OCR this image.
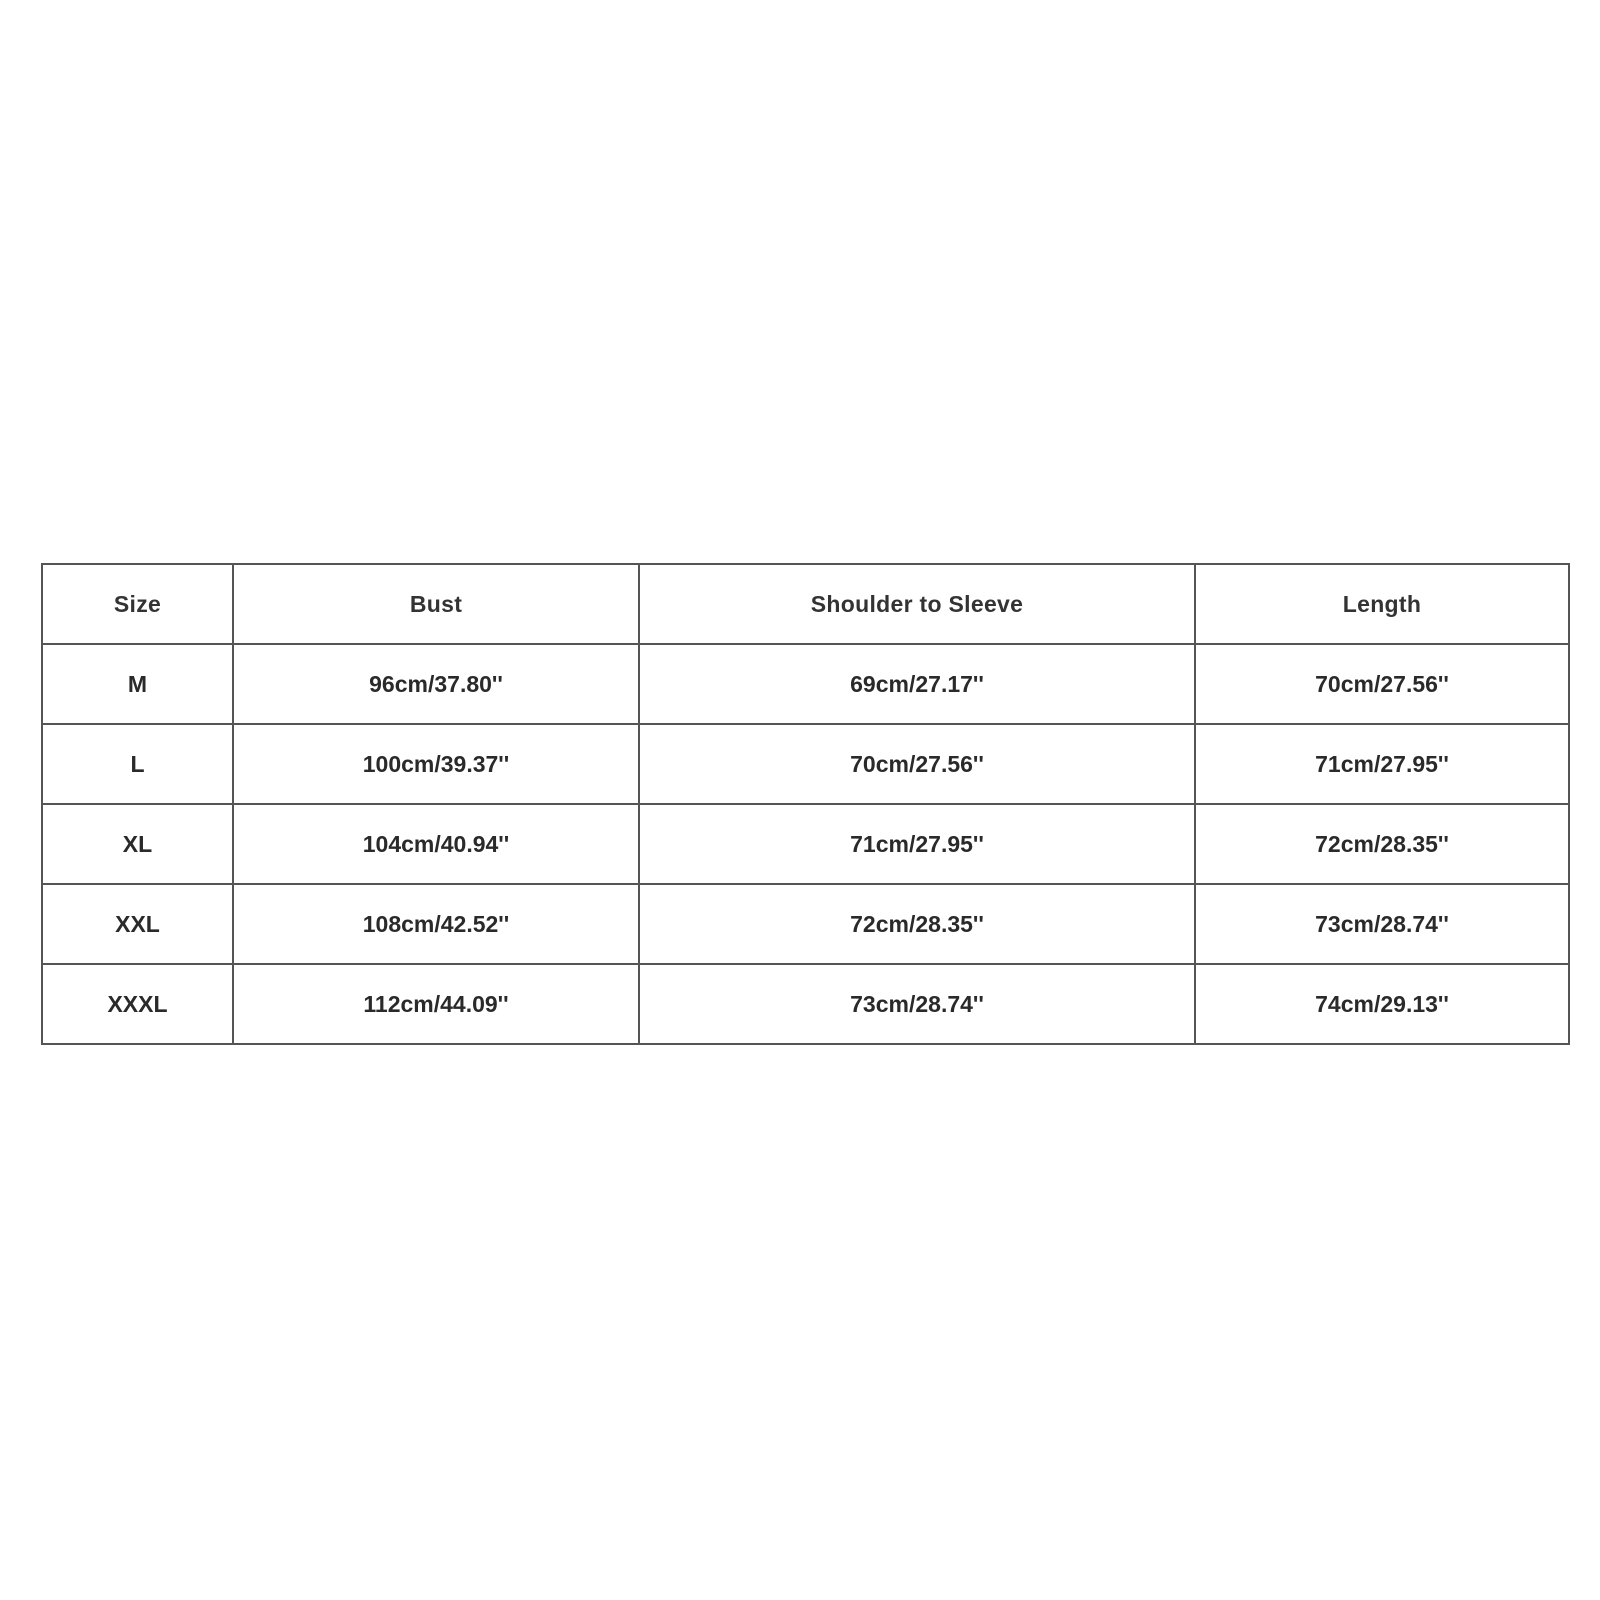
Size	Bust	Shoulder to Sleeve	Length
M	96cm/37.80''	69cm/27.17''	70cm/27.56''
L	100cm/39.37''	70cm/27.56''	71cm/27.95''
XL	104cm/40.94''	71cm/27.95''	72cm/28.35''
XXL	108cm/42.52''	72cm/28.35''	73cm/28.74''
XXXL	112cm/44.09''	73cm/28.74''	74cm/29.13''
